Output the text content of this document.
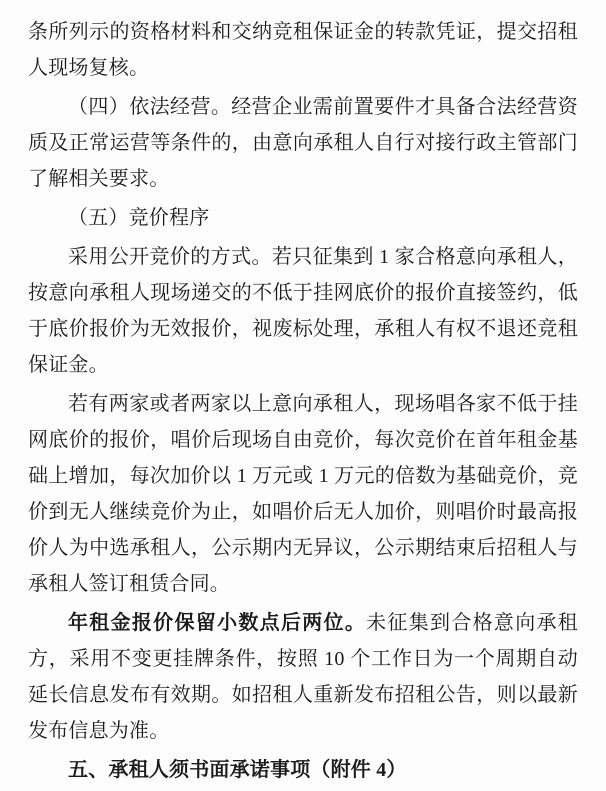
条所列示的资格材料和交纳竞租保证金的转款凭证，提交招租人现场复核。

（四）依法经营。经营企业需前置要件才具备合法经营资质及正常运营等条件的，由意向承租人自行对接行政主管部门了解相关要求。

（五）竞价程序

采用公开竞价的方式。若只征集到 1 家合格意向承租人，按意向承租人现场递交的不低于挂网底价的报价直接签约，低于底价报价为无效报价，视废标处理，承租人有权不退还竞租保证金。

若有两家或者两家以上意向承租人，现场唱各家不低于挂网底价的报价，唱价后现场自由竞价，每次竞价在首年租金基础上增加，每次加价以 1 万元或 1 万元的倍数为基础竞价，竞价到无人继续竞价为止，如唱价后无人加价，则唱价时最高报价人为中选承租人，公示期内无异议，公示期结束后招租人与承租人签订租赁合同。

年租金报价保留小数点后两位。未征集到合格意向承租方，采用不变更挂牌条件，按照 10 个工作日为一个周期自动延长信息发布有效期。如招租人重新发布招租公告，则以最新发布信息为准。

五、承租人须书面承诺事项（附件 4）
